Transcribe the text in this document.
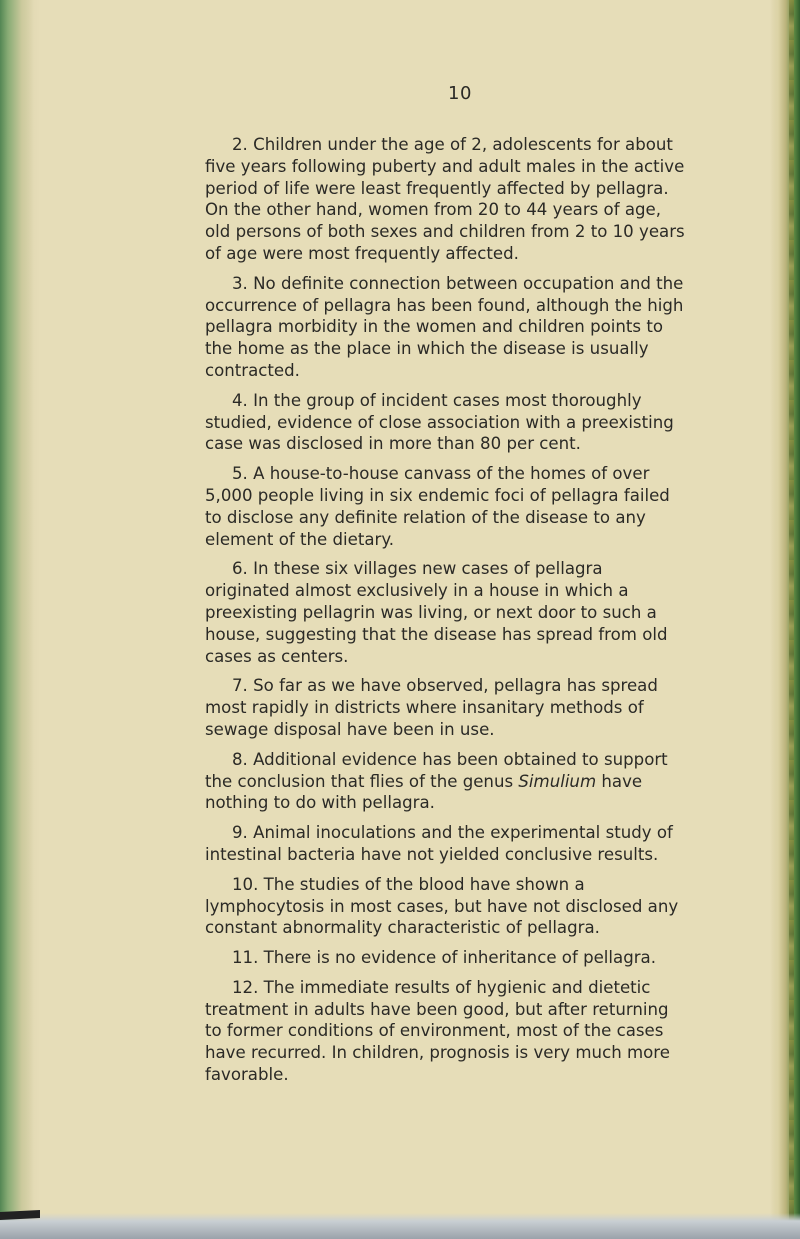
10

2. Children under the age of 2, adolescents for about five years following puberty and adult males in the active period of life were least frequently affected by pellagra. On the other hand, women from 20 to 44 years of age, old persons of both sexes and children from 2 to 10 years of age were most frequently affected.

3. No definite connection between occupation and the occurrence of pellagra has been found, although the high pellagra morbidity in the women and children points to the home as the place in which the disease is usually contracted.

4. In the group of incident cases most thoroughly studied, evidence of close association with a preexisting case was disclosed in more than 80 per cent.

5. A house-to-house canvass of the homes of over 5,000 people living in six endemic foci of pellagra failed to disclose any definite relation of the disease to any element of the dietary.

6. In these six villages new cases of pellagra originated almost exclusively in a house in which a preexisting pellagrin was living, or next door to such a house, suggesting that the disease has spread from old cases as centers.

7. So far as we have observed, pellagra has spread most rapidly in districts where insanitary methods of sewage disposal have been in use.

8. Additional evidence has been obtained to support the conclusion that flies of the genus Simulium have nothing to do with pellagra.

9. Animal inoculations and the experimental study of intestinal bacteria have not yielded conclusive results.

10. The studies of the blood have shown a lymphocytosis in most cases, but have not disclosed any constant abnormality characteristic of pellagra.

11. There is no evidence of inheritance of pellagra.

12. The immediate results of hygienic and dietetic treatment in adults have been good, but after returning to former conditions of environment, most of the cases have recurred. In children, prognosis is very much more favorable.
